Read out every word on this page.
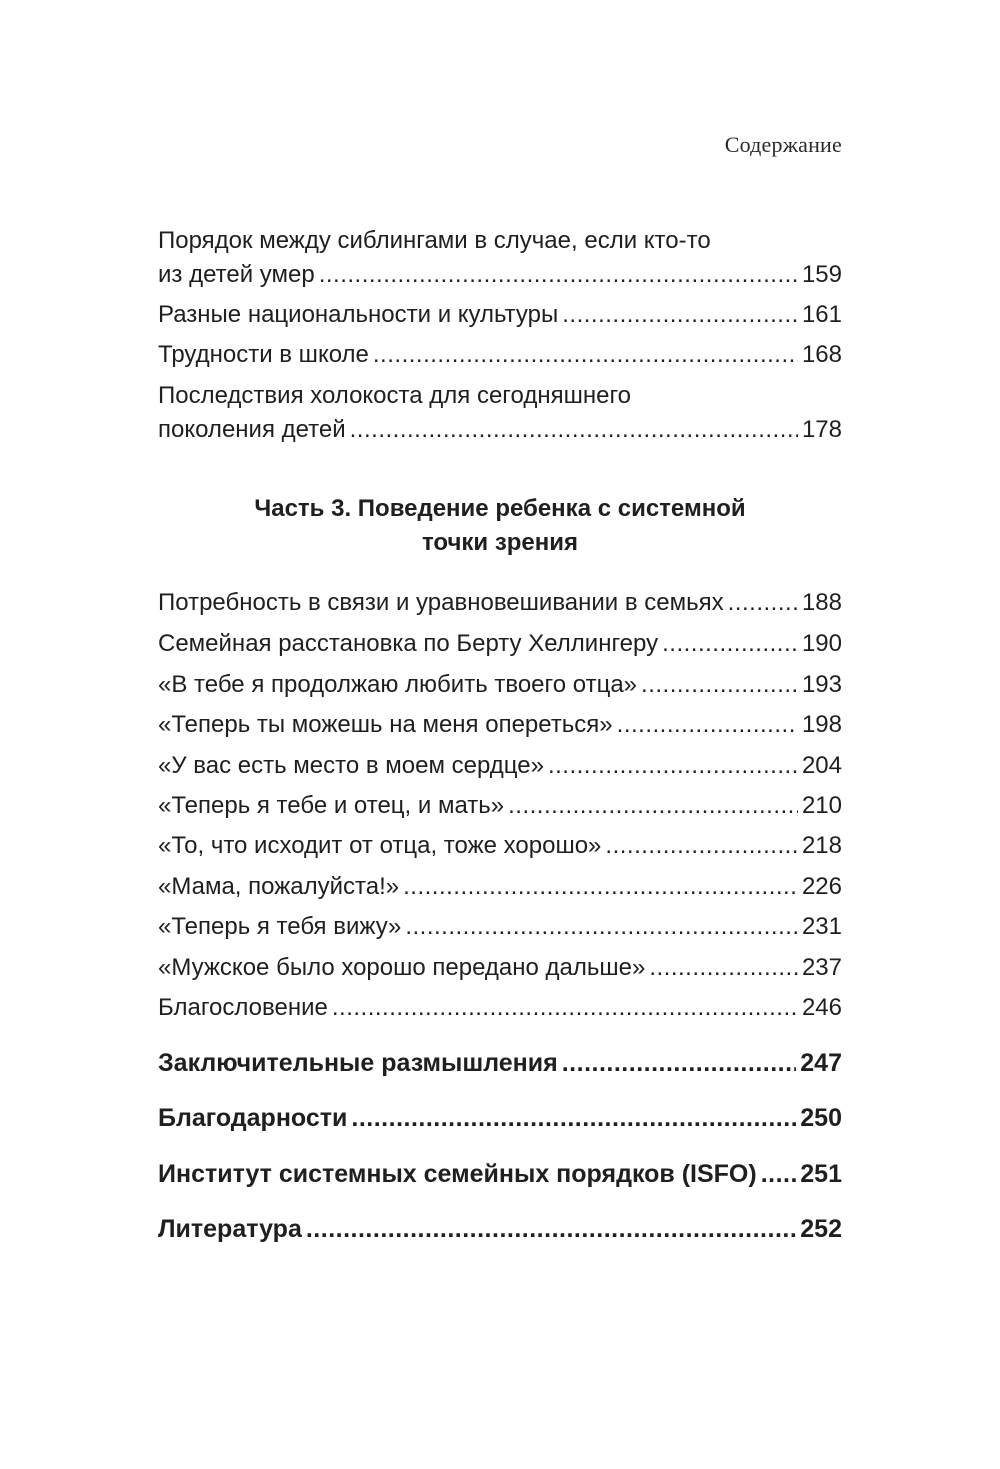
Содержание
Порядок между сиблингами в случае, если кто-то
из детей умер .....	159
Разные национальности и культуры .....	161
Трудности в школе .....	168
Последствия холокоста для сегодняшнего
поколения детей .....	178
Часть 3. Поведение ребенка с системной
точки зрения
Потребность в связи и уравновешивании в семьях .....	188
Семейная расстановка по Берту Хеллингеру .....	190
«В тебе я продолжаю любить твоего отца» .....	193
«Теперь ты можешь на меня опереться» .....	198
«У вас есть место в моем сердце» .....	204
«Теперь я тебе и отец, и мать» .....	210
«То, что исходит от отца, тоже хорошо» .....	218
«Мама, пожалуйста!» .....	226
«Теперь я тебя вижу» .....	231
«Мужское было хорошо передано дальше» .....	237
Благословение .....	246
Заключительные размышления .....	247
Благодарности .....	250
Институт системных семейных порядков (ISFO) ..... 251
Литература .....	252
